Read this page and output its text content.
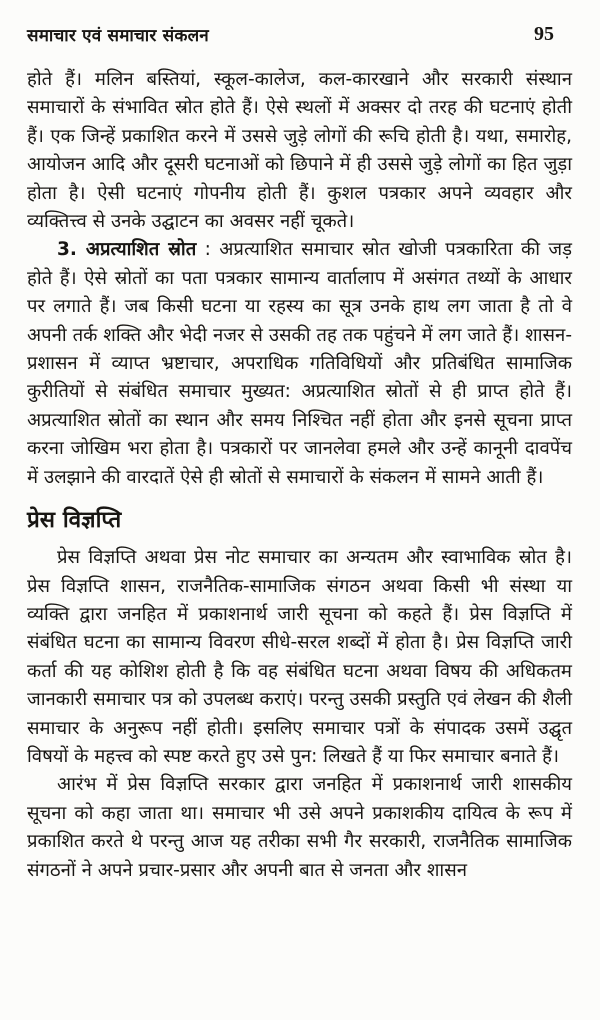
समाचार एवं समाचार संकलन	95

होते हैं। मलिन बस्तियां, स्कूल-कालेज, कल-कारखाने और सरकारी संस्थान समाचारों के संभावित स्रोत होते हैं। ऐसे स्थलों में अक्सर दो तरह की घटनाएं होती हैं। एक जिन्हें प्रकाशित करने में उससे जुड़े लोगों की रूचि होती है। यथा, समारोह, आयोजन आदि और दूसरी घटनाओं को छिपाने में ही उससे जुड़े लोगों का हित जुड़ा होता है। ऐसी घटनाएं गोपनीय होती हैं। कुशल पत्रकार अपने व्यवहार और व्यक्तित्त्व से उनके उद्घाटन का अवसर नहीं चूकते।

3. अप्रत्याशित स्रोत : अप्रत्याशित समाचार स्रोत खोजी पत्रकारिता की जड़ होते हैं। ऐसे स्रोतों का पता पत्रकार सामान्य वार्तालाप में असंगत तथ्यों के आधार पर लगाते हैं। जब किसी घटना या रहस्य का सूत्र उनके हाथ लग जाता है तो वे अपनी तर्क शक्ति और भेदी नजर से उसकी तह तक पहुंचने में लग जाते हैं। शासन-प्रशासन में व्याप्त भ्रष्टाचार, अपराधिक गतिविधियों और प्रतिबंधित सामाजिक कुरीतियों से संबंधित समाचार मुख्यत: अप्रत्याशित स्रोतों से ही प्राप्त होते हैं। अप्रत्याशित स्रोतों का स्थान और समय निश्चित नहीं होता और इनसे सूचना प्राप्त करना जोखिम भरा होता है। पत्रकारों पर जानलेवा हमले और उन्हें कानूनी दावपेंच में उलझाने की वारदातें ऐसे ही स्रोतों से समाचारों के संकलन में सामने आती हैं।

प्रेस विज्ञप्ति

प्रेस विज्ञप्ति अथवा प्रेस नोट समाचार का अन्यतम और स्वाभाविक स्रोत है। प्रेस विज्ञप्ति शासन, राजनैतिक-सामाजिक संगठन अथवा किसी भी संस्था या व्यक्ति द्वारा जनहित में प्रकाशनार्थ जारी सूचना को कहते हैं। प्रेस विज्ञप्ति में संबंधित घटना का सामान्य विवरण सीधे-सरल शब्दों में होता है। प्रेस विज्ञप्ति जारी कर्ता की यह कोशिश होती है कि वह संबंधित घटना अथवा विषय की अधिकतम जानकारी समाचार पत्र को उपलब्ध कराएं। परन्तु उसकी प्रस्तुति एवं लेखन की शैली समाचार के अनुरूप नहीं होती। इसलिए समाचार पत्रों के संपादक उसमें उद्घृत विषयों के महत्त्व को स्पष्ट करते हुए उसे पुन: लिखते हैं या फिर समाचार बनाते हैं।

आरंभ में प्रेस विज्ञप्ति सरकार द्वारा जनहित में प्रकाशनार्थ जारी शासकीय सूचना को कहा जाता था। समाचार भी उसे अपने प्रकाशकीय दायित्व के रूप में प्रकाशित करते थे परन्तु आज यह तरीका सभी गैर सरकारी, राजनैतिक सामाजिक संगठनों ने अपने प्रचार-प्रसार और अपनी बात से जनता और शासन
